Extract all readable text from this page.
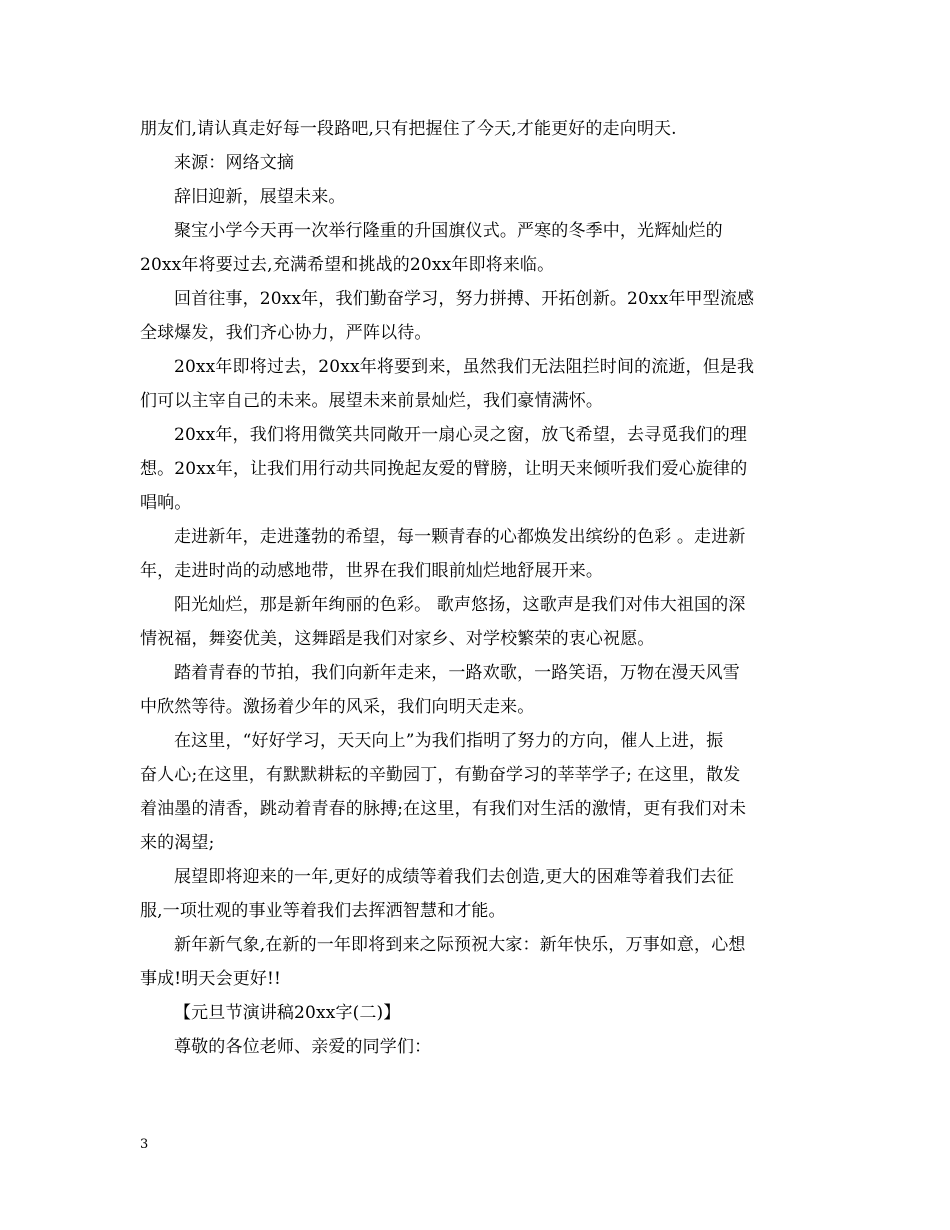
朋友们,请认真走好每一段路吧,只有把握住了今天,才能更好的走向明天.
来源：网络文摘
辞旧迎新，展望未来。
聚宝小学今天再一次举行隆重的升国旗仪式。严寒的冬季中，光辉灿烂的
20xx年将要过去,充满希望和挑战的20xx年即将来临。
回首往事，20xx年，我们勤奋学习，努力拼搏、开拓创新。20xx年甲型流感
全球爆发，我们齐心协力，严阵以待。
20xx年即将过去，20xx年将要到来，虽然我们无法阻拦时间的流逝，但是我
们可以主宰自己的未来。展望未来前景灿烂，我们豪情满怀。
20xx年，我们将用微笑共同敞开一扇心灵之窗，放飞希望，去寻觅我们的理
想。20xx年，让我们用行动共同挽起友爱的臂膀，让明天来倾听我们爱心旋律的
唱响。
走进新年，走进蓬勃的希望，每一颗青春的心都焕发出缤纷的色彩 。走进新
年，走进时尚的动感地带，世界在我们眼前灿烂地舒展开来。
阳光灿烂，那是新年绚丽的色彩。 歌声悠扬，这歌声是我们对伟大祖国的深
情祝福，舞姿优美，这舞蹈是我们对家乡、对学校繁荣的衷心祝愿。
踏着青春的节拍，我们向新年走来，一路欢歌，一路笑语，万物在漫天风雪
中欣然等待。激扬着少年的风采，我们向明天走来。
在这里，“好好学习，天天向上”为我们指明了努力的方向，催人上进，振
奋人心;在这里，有默默耕耘的辛勤园丁，有勤奋学习的莘莘学子; 在这里，散发
着油墨的清香，跳动着青春的脉搏;在这里，有我们对生活的激情，更有我们对未
来的渴望;
展望即将迎来的一年,更好的成绩等着我们去创造,更大的困难等着我们去征
服,一项壮观的事业等着我们去挥洒智慧和才能。
新年新气象,在新的一年即将到来之际预祝大家：新年快乐，万事如意，心想
事成!明天会更好!!
【元旦节演讲稿20xx字(二)】
尊敬的各位老师、亲爱的同学们：
3
